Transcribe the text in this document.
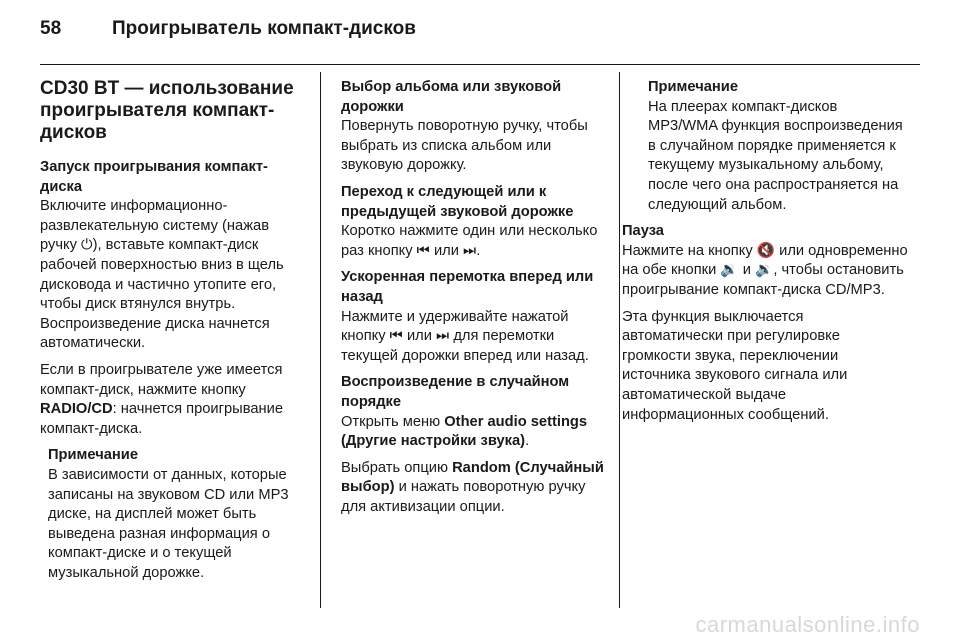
58	Проигрыватель компакт-дисков
CD30 BT — использование проигрывателя компакт-дисков

Запуск проигрывания компакт-диска

Включите информационно-развлекательную систему (нажав ручку ⏻), вставьте компакт-диск рабочей поверхностью вниз в щель дисковода и частично утопите его, чтобы диск втянулся внутрь. Воспроизведение диска начнется автоматически.

Если в проигрывателе уже имеется компакт-диск, нажмите кнопку RADIO/CD: начнется проигрывание компакт-диска.

Примечание
В зависимости от данных, которые записаны на звуковом CD или MP3 диске, на дисплей может быть выведена разная информация о компакт-диске и о текущей музыкальной дорожке.

Выбор альбома или звуковой дорожки

Повернуть поворотную ручку, чтобы выбрать из списка альбом или звуковую дорожку.

Переход к следующей или к предыдущей звуковой дорожке

Коротко нажмите один или несколько раз кнопку ⏮ или ⏭.

Ускоренная перемотка вперед или назад

Нажмите и удерживайте нажатой кнопку ⏮ или ⏭ для перемотки текущей дорожки вперед или назад.

Воспроизведение в случайном порядке

Открыть меню Other audio settings (Другие настройки звука).

Выбрать опцию Random (Случайный выбор) и нажать поворотную ручку для активизации опции.

Примечание
На плеерах компакт-дисков MP3/WMA функция воспроизведения в случайном порядке применяется к текущему музыкальному альбому, после чего она распространяется на следующий альбом.

Пауза

Нажмите на кнопку 🔇 или одновременно на обе кнопки 🔉 и 🔉, чтобы остановить проигрывание компакт-диска CD/MP3.

Эта функция выключается автоматически при регулировке громкости звука, переключении источника звукового сигнала или автоматической выдаче информационных сообщений.

carmanualsonline.info
